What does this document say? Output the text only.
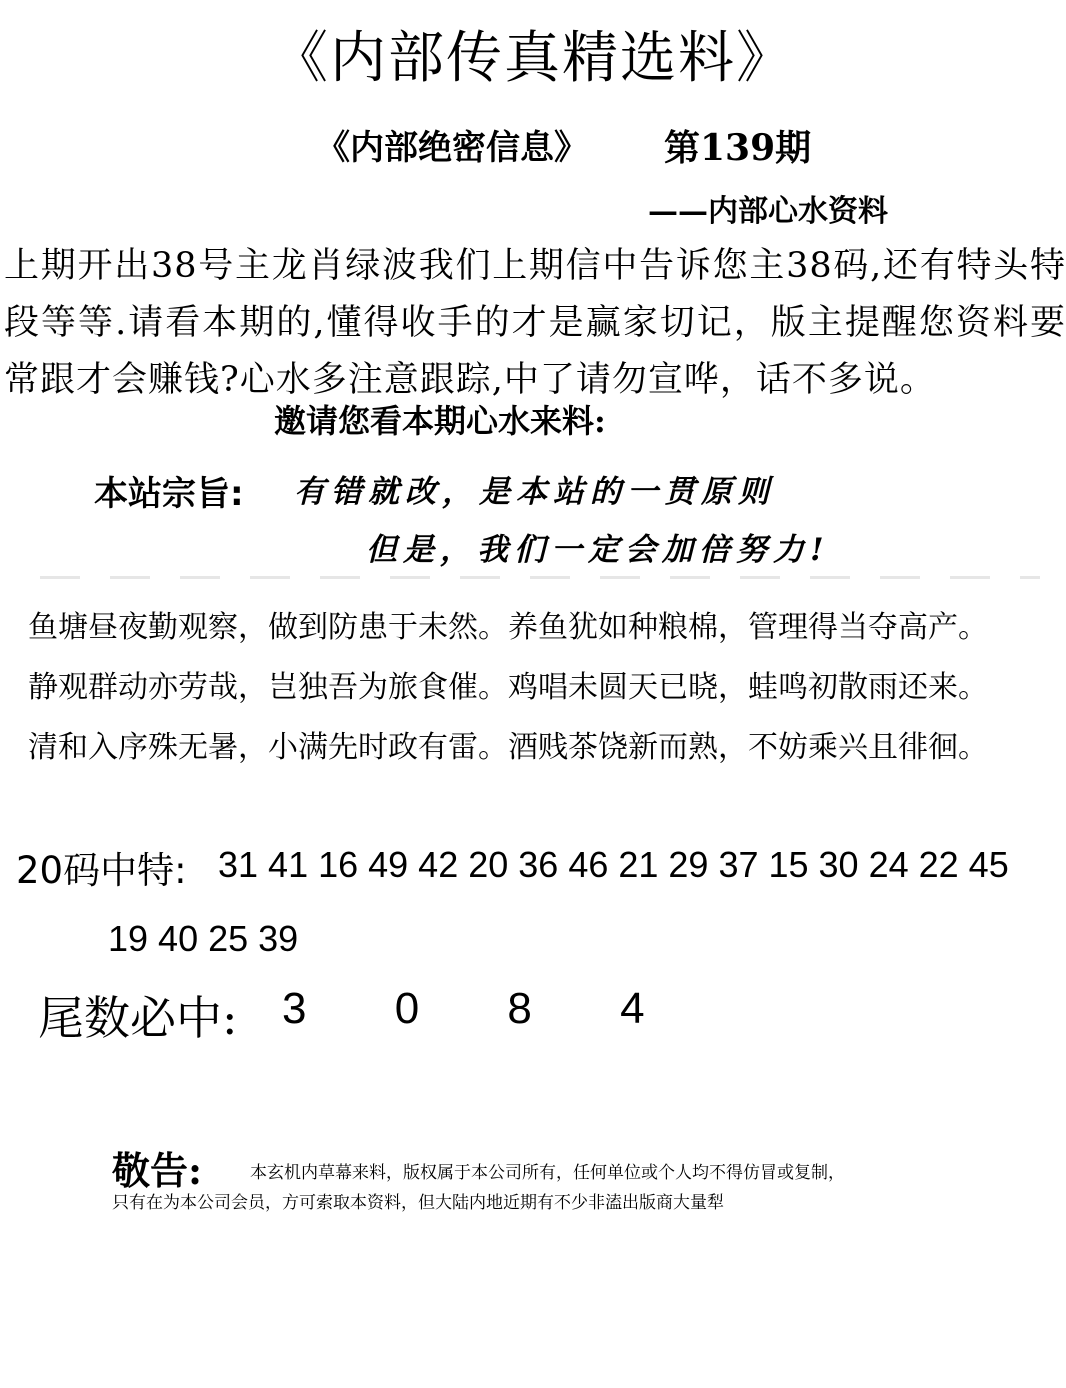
《内部传真精选料》
《内部绝密信息》 第139期
——内部心水资料
上期开出38号主龙肖绿波我们上期信中告诉您主38码,还有特头特段等等.请看本期的,懂得收手的才是赢家切记，版主提醒您资料要常跟才会赚钱?心水多注意跟踪,中了请勿宣哗，话不多说。
邀请您看本期心水来料:
本站宗旨: 有错就改，是本站的一贯原则
但是，我们一定会加倍努力!
鱼塘昼夜勤观察，做到防患于未然。养鱼犹如种粮棉，管理得当夺高产。
静观群动亦劳哉，岂独吾为旅食催。鸡唱未圆天已晓，蛙鸣初散雨还来。
清和入序殊无暑，小满先时政有雷。酒贱茶饶新而熟，不妨乘兴且徘徊。
20码中特: 31 41 16 49 42 20 36 46 21 29 37 15 30 24 22 45
19 40 25 39
尾数必中: 3 0 8 4
敬告:	本玄机内草幕来料，版权属于本公司所有，任何单位或个人均不得仿冒或复制，
只有在为本公司会员，方可索取本资料，但大陆内地近期有不少非溘出版商大量犁
